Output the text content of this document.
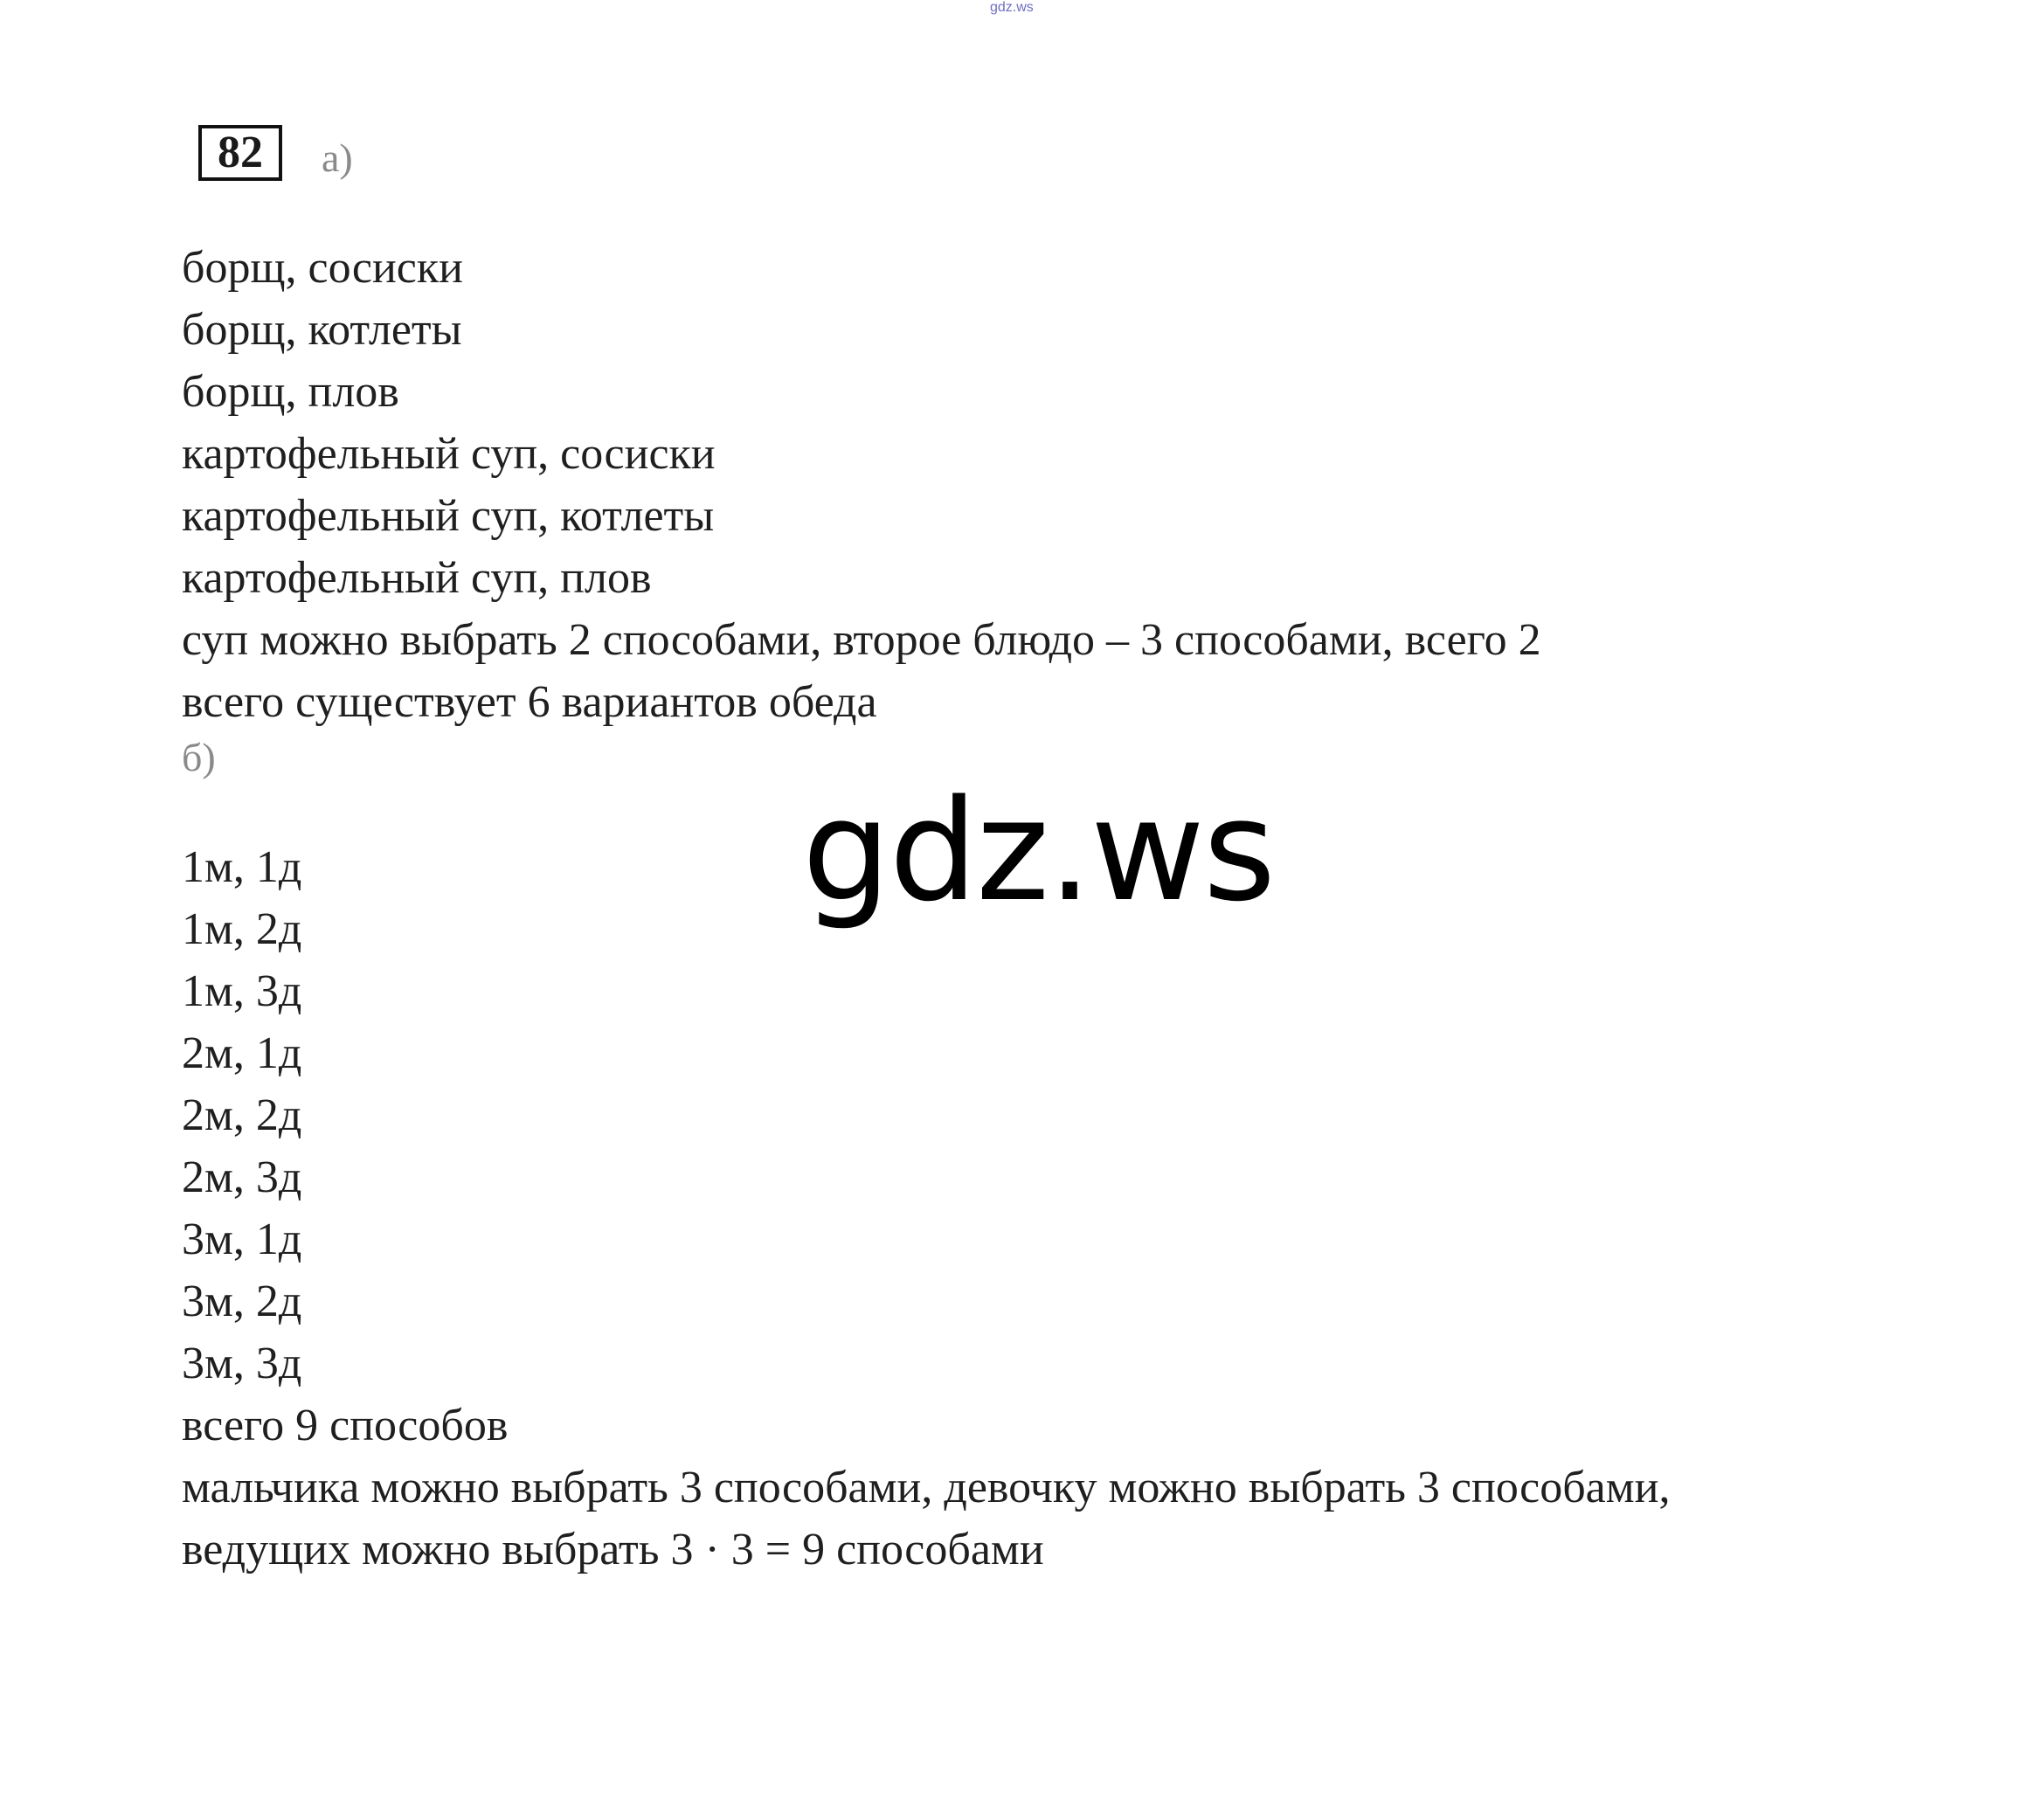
gdz.ws
82	а)
борщ, сосиски
борщ, котлеты
борщ, плов
картофельный суп, сосиски
картофельный суп, котлеты
картофельный суп, плов
суп можно выбрать 2 способами, второе блюдо – 3 способами, всего 2
всего существует 6 вариантов обеда
б)
gdz.ws
1м, 1д
1м, 2д
1м, 3д
2м, 1д
2м, 2д
2м, 3д
3м, 1д
3м, 2д
3м, 3д
всего 9 способов
мальчика можно выбрать 3 способами, девочку можно выбрать 3 способами,
ведущих можно выбрать 3 · 3 = 9 способами
